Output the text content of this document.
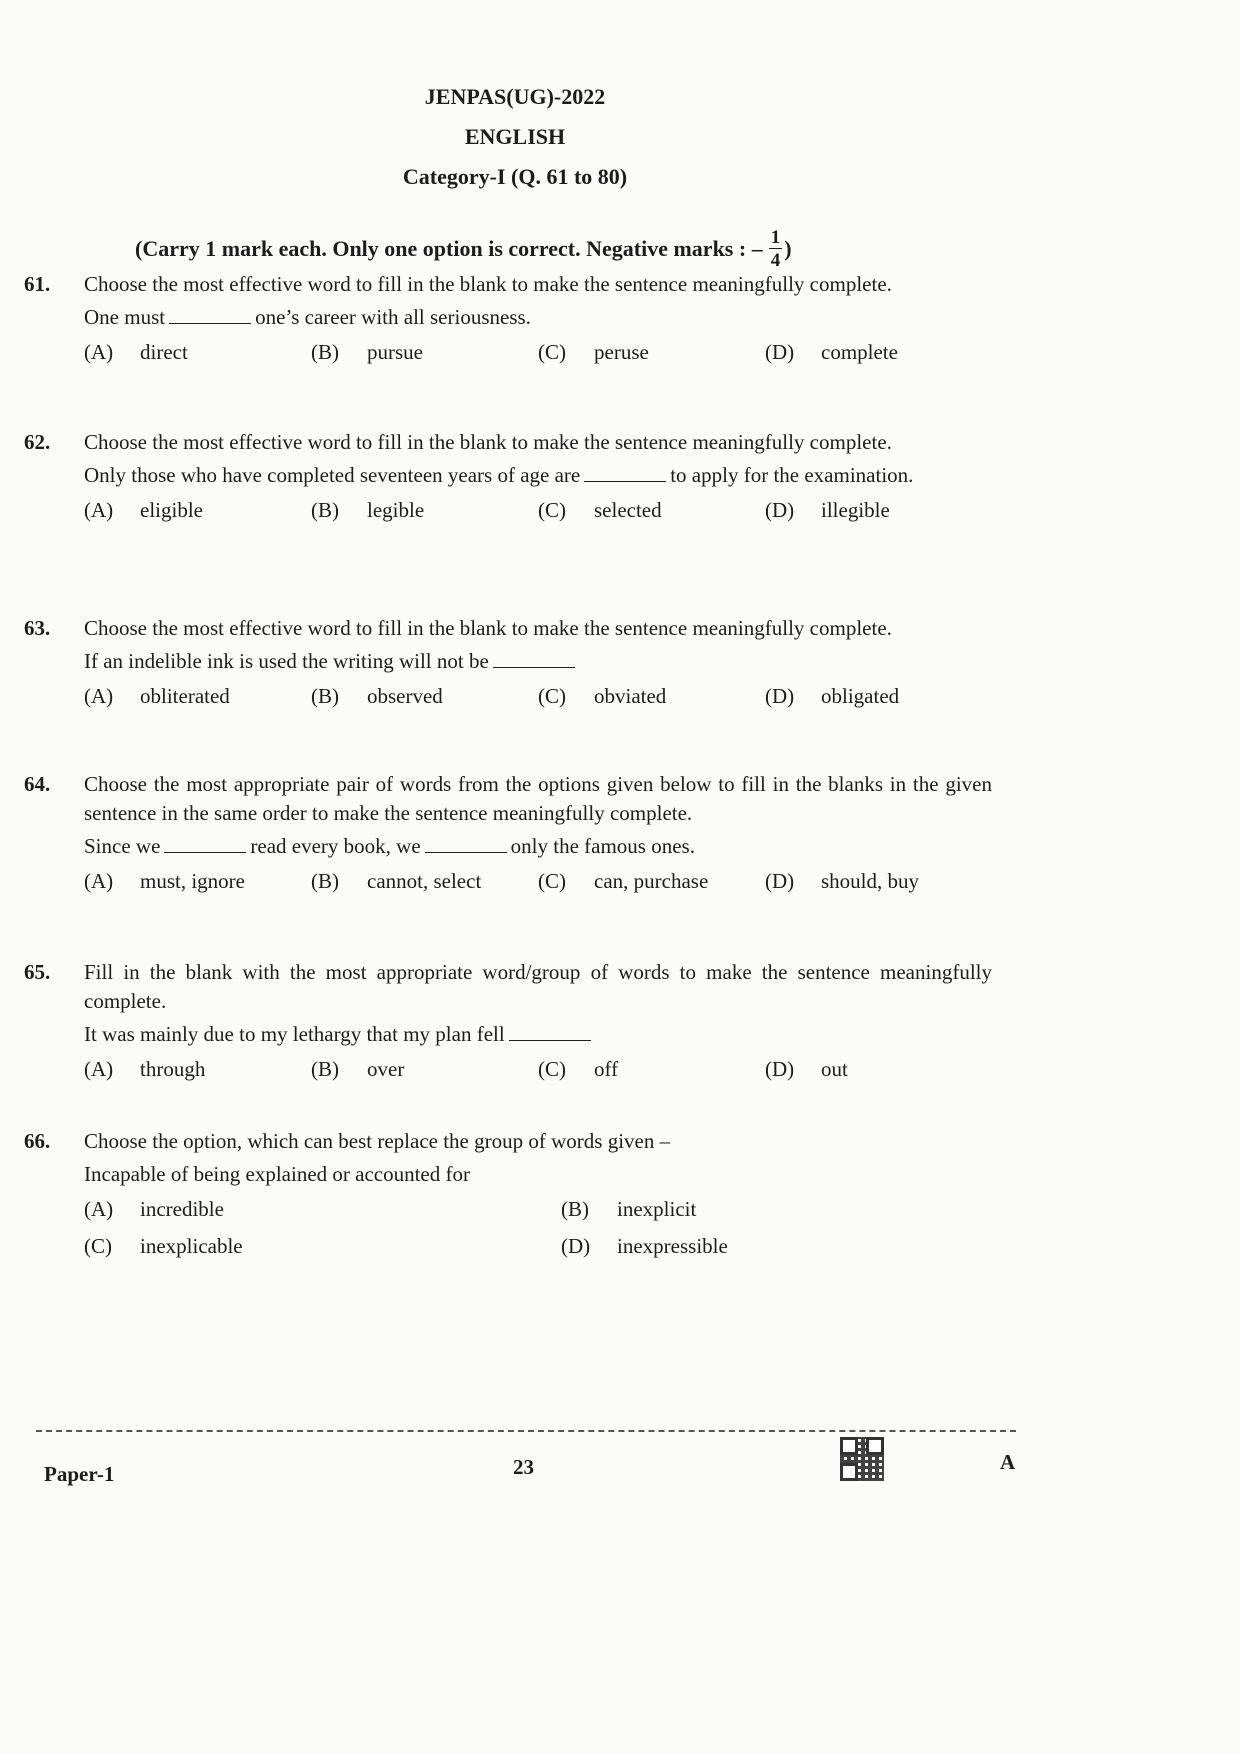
JENPAS(UG)-2022
ENGLISH
Category-I (Q. 61 to 80)
(Carry 1 mark each. Only one option is correct. Negative marks : – $\frac{1}{4}$ )
61. Choose the most effective word to fill in the blank to make the sentence meaningfully complete.
One must	one’s career with all seriousness.
(A) direct	(B) pursue	(C) peruse	(D) complete
62. Choose the most effective word to fill in the blank to make the sentence meaningfully complete.
Only those who have completed seventeen years of age are	to apply for the examination.
(A) eligible	(B) legible	(C) selected	(D) illegible
63. Choose the most effective word to fill in the blank to make the sentence meaningfully complete.
If an indelible ink is used the writing will not be
(A) obliterated	(B) observed	(C) obviated	(D) obligated
64. Choose the most appropriate pair of words from the options given below to fill in the blanks in the given sentence in the same order to make the sentence meaningfully complete.
Since we	read every book, we	only the famous ones.
(A) must, ignore	(B) cannot, select	(C) can, purchase	(D) should, buy
65. Fill in the blank with the most appropriate word/group of words to make the sentence meaningfully complete.
It was mainly due to my lethargy that my plan fell
(A) through	(B) over	(C) off	(D) out
66. Choose the option, which can best replace the group of words given –
Incapable of being explained or accounted for
(A) incredible	(B) inexplicit
(C) inexplicable	(D) inexpressible
Paper-1	23	A
